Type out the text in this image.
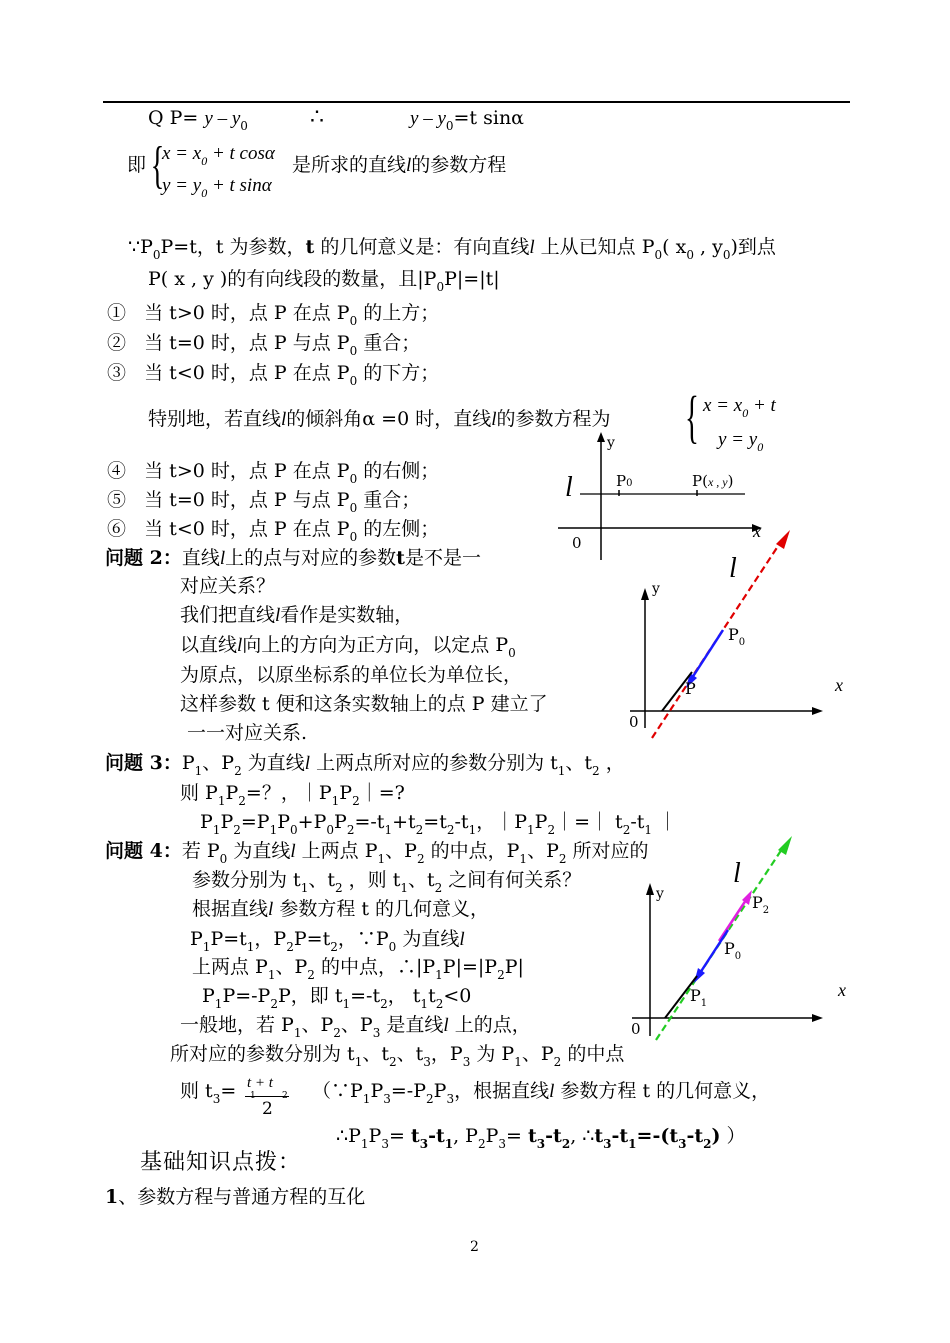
Q $P= y - y_0$	∴	$y - y_0=t$ sinα
即 {
$x = x_0 + t$ cosα
$y = y_0 + t$ sinα
是所求的直线l的参数方程
$\because P_0P=t$，t 为参数，t 的几何意义是：有向直线l 上从已知点 $P_0$( $x_0$ , $y_0$)到点
P( x , y )的有向线段的数量，且$|P_0P|=|t|$
① 当 t>0 时，点 P 在点 $P_0$ 的上方；
② 当 t=0 时，点 P 与点 $P_0$ 重合；
③ 当 t<0 时，点 P 在点 $P_0$ 的下方；
特别地，若直线l的倾斜角α =0 时，直线l的参数方程为 { $x = x_0 + t$
$y = y_0$
y
l	P0	P(x , y)
0
x
④ 当 t>0 时，点 P 在点 $P_0$ 的右侧；
⑤ 当 t=0 时，点 P 与点 $P_0$ 重合；
⑥ 当 t<0 时，点 P 在点 $P_0$ 的左侧；
问题 2：直线l上的点与对应的参数t是不是一
对应关系？
我们把直线l看作是实数轴，
以直线l向上的方向为正方向，以定点 $P_0$
为原点，以原坐标系的单位长为单位长，
这样参数 t 便和这条实数轴上的点 P 建立了
一一对应关系.
l
y
$P_0$
x
P
0
问题 3：$P_1$、$P_2$ 为直线l 上两点所对应的参数分别为 $t_1$、$t_2$ ，
则 $P_1P_2=$？，$|P_1P_2|=$?
$P_1P_2=P_1P_0+P_0P_2=-t_1+t_2=t_2-t_1$，$|P_1P_2|=|$ $t_2-t_1$ ｜
问题 4：若 $P_0$ 为直线l 上两点 $P_1$、$P_2$ 的中点，$P_1$、$P_2$ 所对应的
参数分别为 $t_1$、$t_2$ ，则 $t_1$、$t_2$ 之间有何关系？
根据直线l 参数方程 t 的几何意义，
$P_1P=t_1$，$P_2P=t_2$，$\because P_0$ 为直线l
上两点 $P_1$、$P_2$ 的中点，$\therefore|P_1P|=|P_2P|$
$P_1P=-P_2P$，即 $t_1=-t_2$， $t_1t_2<0$
一般地，若 $P_1$、$P_2$、$P_3$ 是直线l 上的点，
所对应的参数分别为 $t_1$、$t_2$、$t_3$，$P_3$ 为 $P_1$、$P_2$ 的中点
则 $t_3= t + t$
2
（$\because P_1P_3=-P_2P_3$，根据直线l 参数方程 t 的几何意义，
$\therefore P_1P_3= t_3-t_1$, $P_2P_3= t_3-t_2$, $\therefore t_3-t_1=-(t_3-t_2)$ ）
l
y	$P_2$
$P_0$
x
$P_1$
0
基础知识点拨：
1、参数方程与普通方程的互化
2
